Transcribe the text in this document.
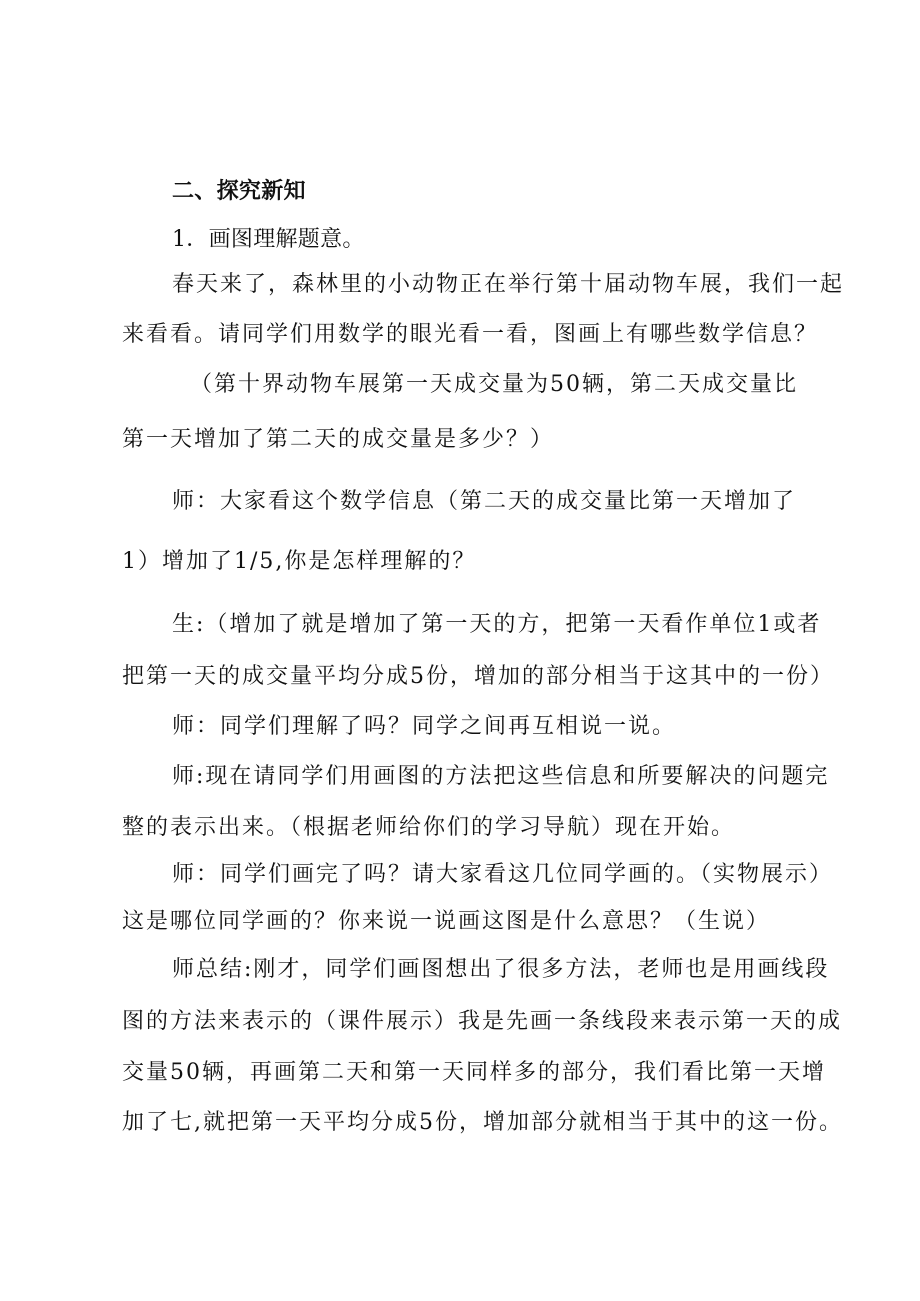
二、探究新知
1．画图理解题意。
春天来了，森林里的小动物正在举行第十届动物车展，我们一起
来看看。请同学们用数学的眼光看一看，图画上有哪些数学信息？
（第十界动物车展第一天成交量为50辆，第二天成交量比
第一天增加了第二天的成交量是多少？）
师：大家看这个数学信息（第二天的成交量比第一天增加了
1）增加了1/5,你是怎样理解的？
生:（增加了就是增加了第一天的方，把第一天看作单位1或者
把第一天的成交量平均分成5份，增加的部分相当于这其中的一份）
师：同学们理解了吗？同学之间再互相说一说。
师:现在请同学们用画图的方法把这些信息和所要解决的问题完
整的表示出来。（根据老师给你们的学习导航）现在开始。
师：同学们画完了吗？请大家看这几位同学画的。（实物展示）
这是哪位同学画的？你来说一说画这图是什么意思？（生说）
师总结:刚才，同学们画图想出了很多方法，老师也是用画线段
图的方法来表示的（课件展示）我是先画一条线段来表示第一天的成
交量50辆，再画第二天和第一天同样多的部分，我们看比第一天增
加了七,就把第一天平均分成5份，增加部分就相当于其中的这一份。
